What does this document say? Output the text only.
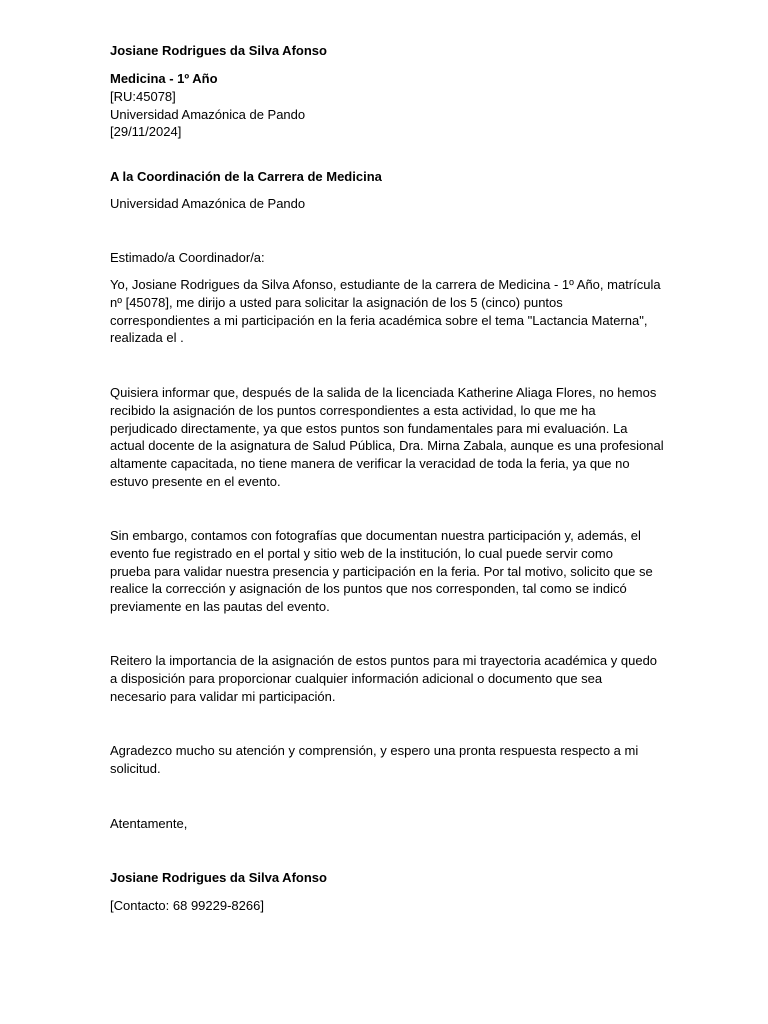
Josiane Rodrigues da Silva Afonso

Medicina - 1º Año
[RU:45078]
Universidad Amazónica de Pando
[29/11/2024]

A la Coordinación de la Carrera de Medicina

Universidad Amazónica de Pando

Estimado/a Coordinador/a:

Yo, Josiane Rodrigues da Silva Afonso, estudiante de la carrera de Medicina - 1º Año, matrícula
nº [45078], me dirijo a usted para solicitar la asignación de los 5 (cinco) puntos
correspondientes a mi participación en la feria académica sobre el tema "Lactancia Materna",
realizada el .
Quisiera informar que, después de la salida de la licenciada Katherine Aliaga Flores, no hemos
recibido la asignación de los puntos correspondientes a esta actividad, lo que me ha
perjudicado directamente, ya que estos puntos son fundamentales para mi evaluación. La
actual docente de la asignatura de Salud Pública, Dra. Mirna Zabala, aunque es una profesional
altamente capacitada, no tiene manera de verificar la veracidad de toda la feria, ya que no
estuvo presente en el evento.
Sin embargo, contamos con fotografías que documentan nuestra participación y, además, el
evento fue registrado en el portal y sitio web de la institución, lo cual puede servir como
prueba para validar nuestra presencia y participación en la feria. Por tal motivo, solicito que se
realice la corrección y asignación de los puntos que nos corresponden, tal como se indicó
previamente en las pautas del evento.
Reitero la importancia de la asignación de estos puntos para mi trayectoria académica y quedo
a disposición para proporcionar cualquier información adicional o documento que sea
necesario para validar mi participación.
Agradezco mucho su atención y comprensión, y espero una pronta respuesta respecto a mi
solicitud.

Atentamente,

Josiane Rodrigues da Silva Afonso

[Contacto: 68 99229-8266]
